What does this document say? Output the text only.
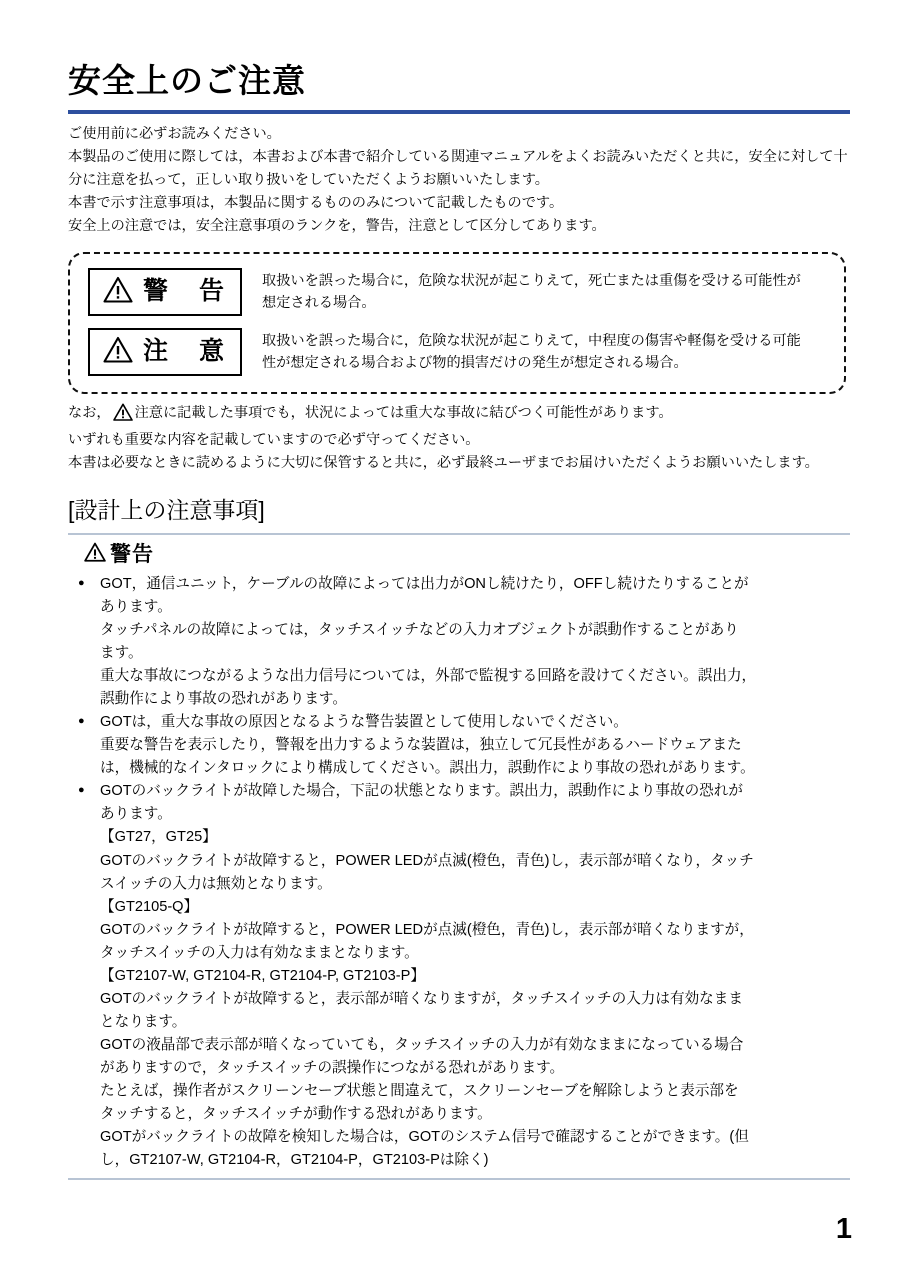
安全上のご注意
ご使用前に必ずお読みください。
本製品のご使用に際しては，本書および本書で紹介している関連マニュアルをよくお読みいただくと共に，安全に対して十
分に注意を払って，正しい取り扱いをしていただくようお願いいたします。
本書で示す注意事項は，本製品に関するもののみについて記載したものです。
安全上の注意では，安全注意事項のランクを，警告，注意として区分してあります。
警　告 取扱いを誤った場合に，危険な状況が起こりえて，死亡または重傷を受ける可能性が
想定される場合。
注　意 取扱いを誤った場合に，危険な状況が起こりえて，中程度の傷害や軽傷を受ける可能
性が想定される場合および物的損害だけの発生が想定される場合。
なお， 注意に記載した事項でも，状況によっては重大な事故に結びつく可能性があります。
いずれも重要な内容を記載していますので必ず守ってください。
本書は必要なときに読めるように大切に保管すると共に，必ず最終ユーザまでお届けいただくようお願いいたします。
[設計上の注意事項]
警告
● GOT，通信ユニット，ケーブルの故障によっては出力がONし続けたり，OFFし続けたりすることが
あります。
タッチパネルの故障によっては，タッチスイッチなどの入力オブジェクトが誤動作することがあり
ます。
重大な事故につながるような出力信号については，外部で監視する回路を設けてください。誤出力，
誤動作により事故の恐れがあります。
● GOTは，重大な事故の原因となるような警告装置として使用しないでください。
重要な警告を表示したり，警報を出力するような装置は，独立して冗長性があるハードウェアまた
は，機械的なインタロックにより構成してください。誤出力，誤動作により事故の恐れがあります。
● GOTのバックライトが故障した場合，下記の状態となります。誤出力，誤動作により事故の恐れが
あります。
【GT27，GT25】
GOTのバックライトが故障すると，POWER LEDが点滅(橙色，青色)し，表示部が暗くなり，タッチ
スイッチの入力は無効となります。
【GT2105-Q】
GOTのバックライトが故障すると，POWER LEDが点滅(橙色，青色)し，表示部が暗くなりますが，
タッチスイッチの入力は有効なままとなります。
【GT2107-W, GT2104-R, GT2104-P, GT2103-P】
GOTのバックライトが故障すると，表示部が暗くなりますが，タッチスイッチの入力は有効なまま
となります。
GOTの液晶部で表示部が暗くなっていても，タッチスイッチの入力が有効なままになっている場合
がありますので，タッチスイッチの誤操作につながる恐れがあります。
たとえば，操作者がスクリーンセーブ状態と間違えて，スクリーンセーブを解除しようと表示部を
タッチすると，タッチスイッチが動作する恐れがあります。
GOTがバックライトの故障を検知した場合は，GOTのシステム信号で確認することができます。(但
し，GT2107-W, GT2104-R，GT2104-P，GT2103-Pは除く)
1
